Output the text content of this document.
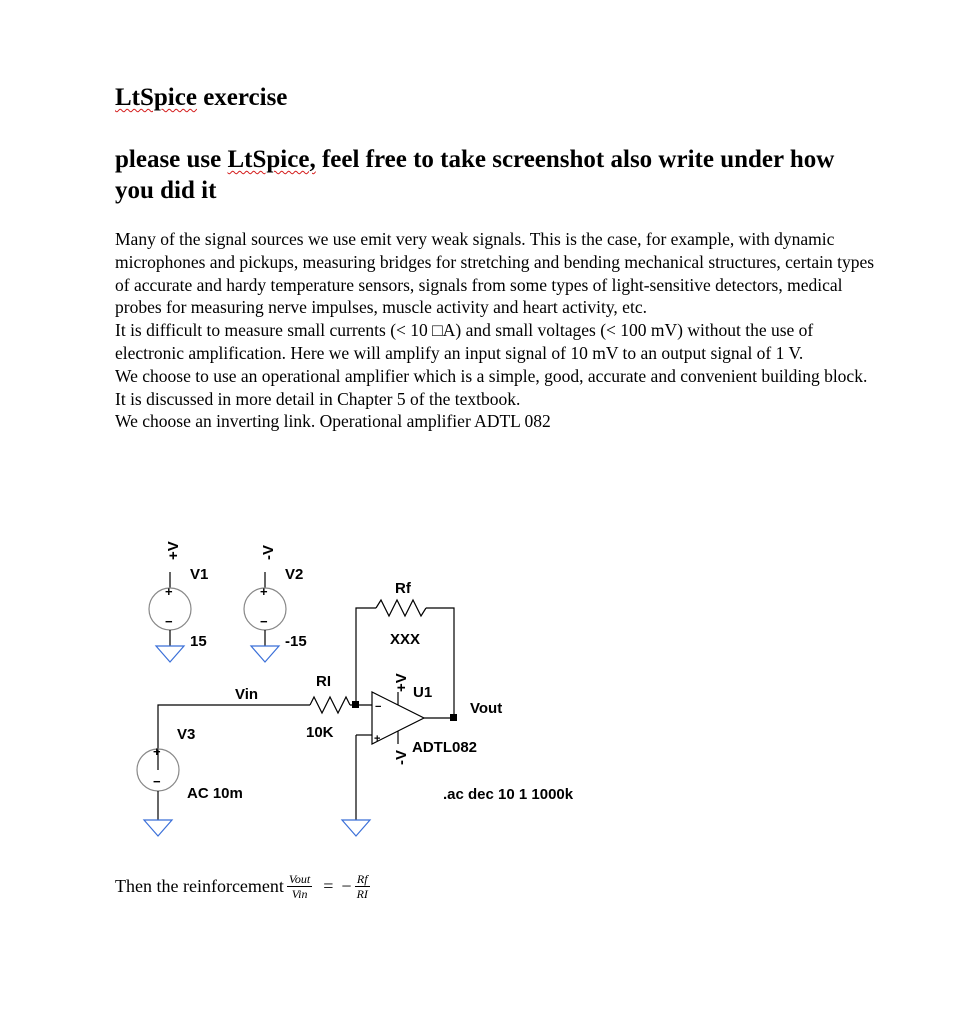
LtSpice exercise
please use LtSpice, feel free to take screenshot also write under how you did it

Many of the signal sources we use emit very weak signals. This is the case, for example, with dynamic microphones and pickups, measuring bridges for stretching and bending mechanical structures, certain types of accurate and hardy temperature sensors, signals from some types of light-sensitive detectors, medical probes for measuring nerve impulses, muscle activity and heart activity, etc.

It is difficult to measure small currents (< 10 □A) and small voltages (< 100 mV) without the use of electronic amplification. Here we will amplify an input signal of 10 mV to an output signal of 1 V.

We choose to use an operational amplifier which is a simple, good, accurate and convenient building block. It is discussed in more detail in Chapter 5 of the textbook.

We choose an inverting link. Operational amplifier ADTL 082

+
−
+
−
+
−
−
+
+V	-V
+V
-V
V1
15
V2
-15
V3
AC 10m
Vin
RI
10K
Rf
XXX
U1
ADTL082
Vout
.ac dec 10 1 1000k
Then the reinforcement $\frac{\text{Vout}}{\text{Vin}}$ = − $\frac{Rf}{RI}$
